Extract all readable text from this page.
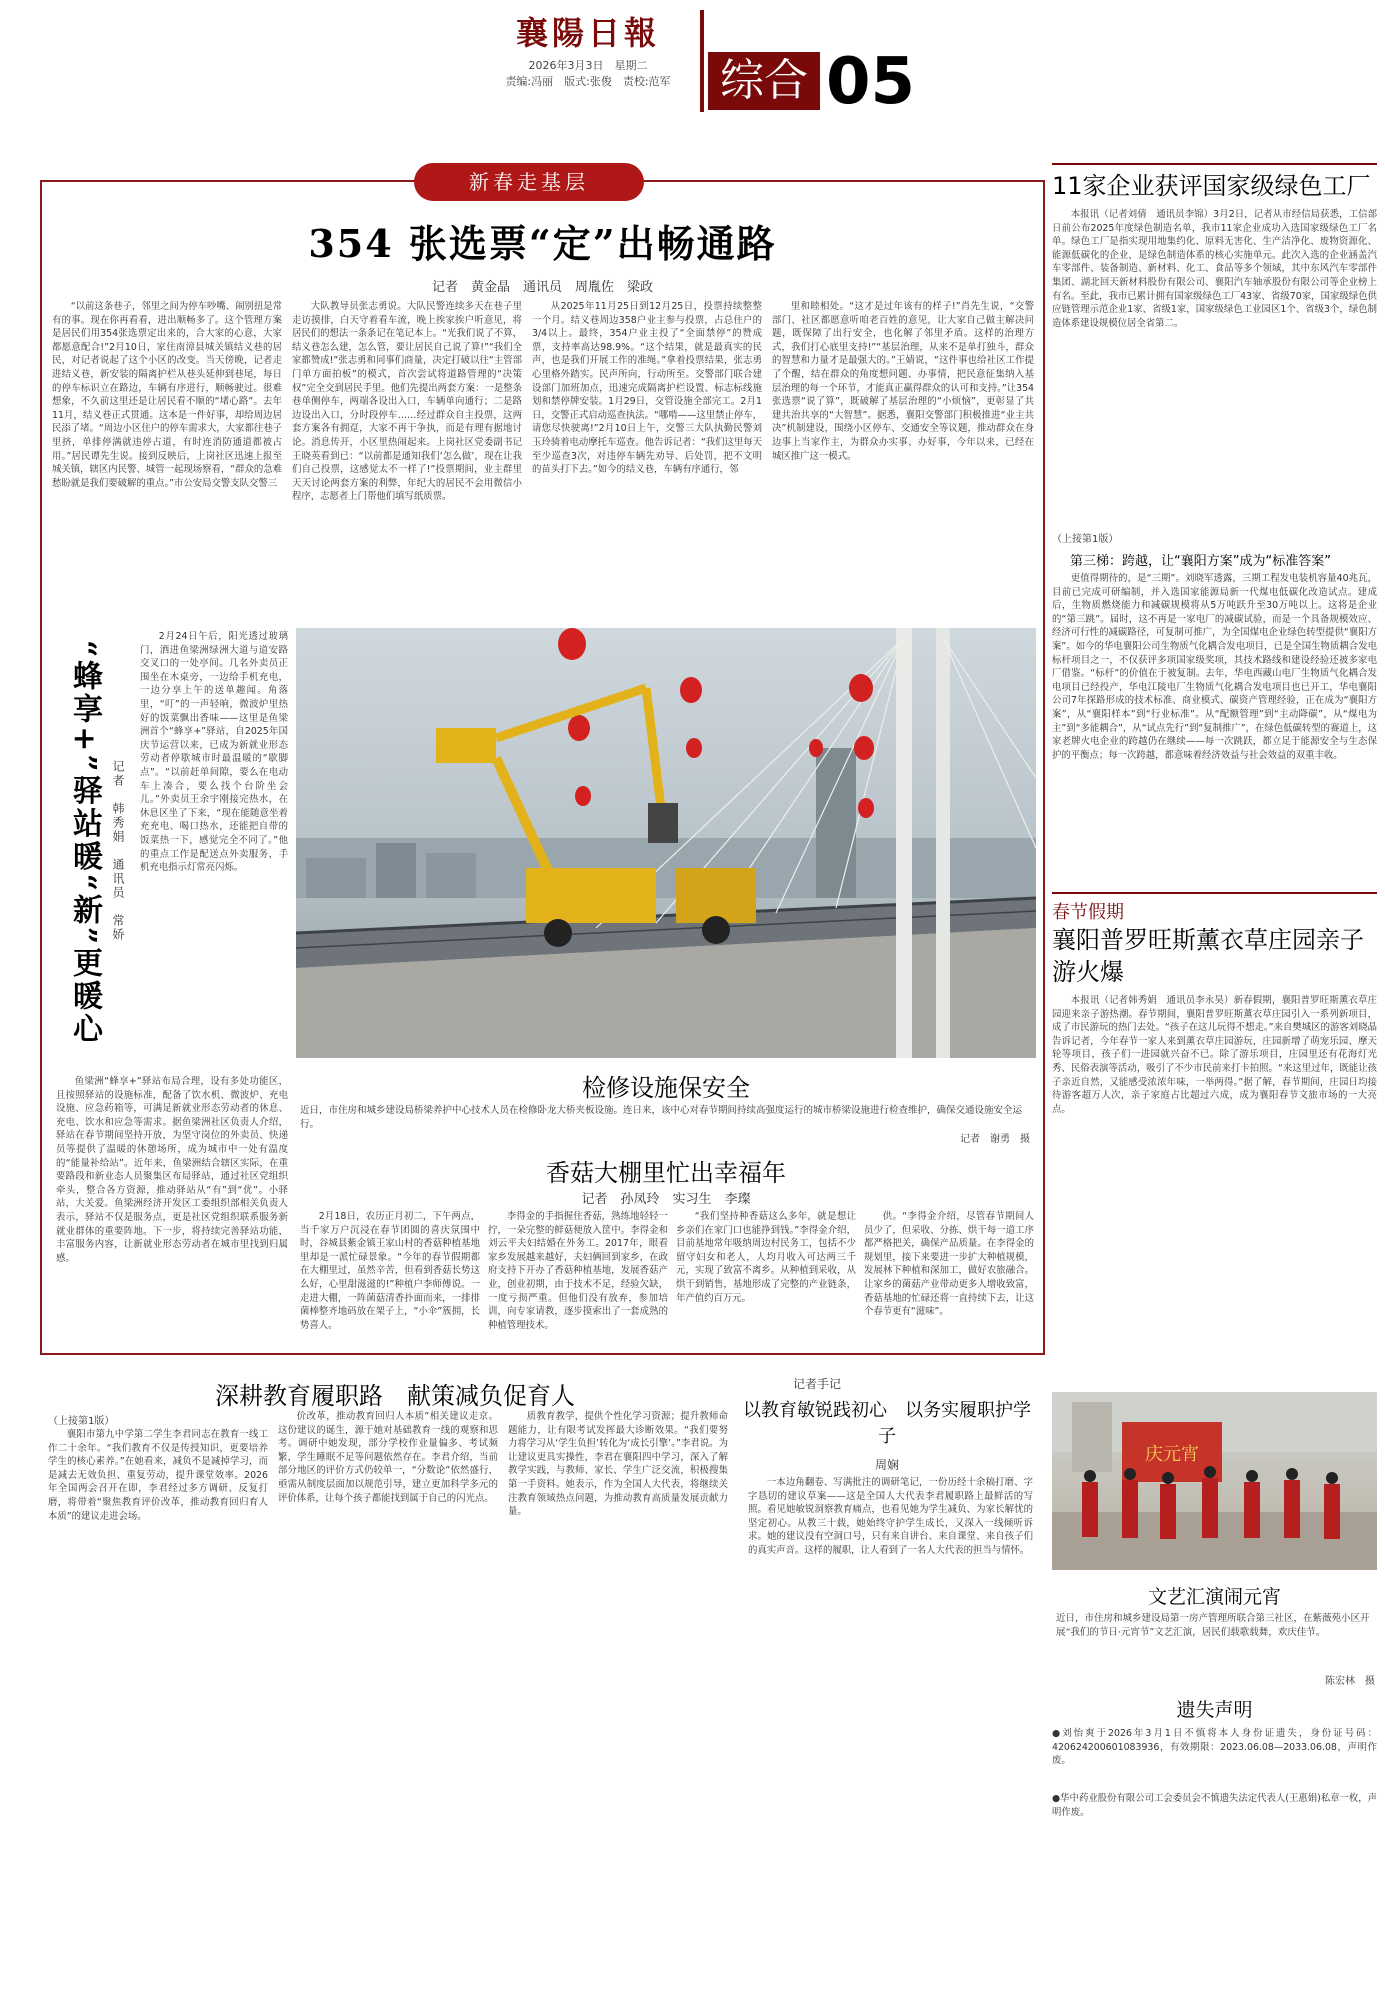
襄陽日報
2026年3月3日　星期二
责编:冯丽　版式:张俊　责校:范军	综合 05
新春走基层
354 张选票“定”出畅通路
记者　黄金晶　通讯员　周胤佐　梁政

“以前这条巷子，邻里之间为停车吵嘴、闹别扭是常有的事。现在你再看看，进出顺畅多了。这个管理方案是居民们用354张选票定出来的，合大家的心意，大家都愿意配合!”2月10日，家住南漳县城关镇结义巷的居民，对记者说起了这个小区的改变。当天傍晚，记者走进结义巷，新安装的隔离护栏从巷头延伸到巷尾，每日的停车标识立在路边，车辆有序进行，顺畅驶过。很难想象，不久前这里还是让居民看不顺的“堵心路”。去年11月，结义巷正式贯通。这本是一件好事，却给周边居民添了堵。“周边小区住户的停车需求大，大家都往巷子里挤，单排停满就违停占道，有时连消防通道都被占用。”居民谭先生说。接到反映后，上岗社区迅速上报至城关镇，辖区内民警、城管一起现场察看，“群众的急难愁盼就是我们要破解的重点。”市公安局交警支队交警三

大队教导员张志勇说。大队民警连续多天在巷子里走访摸排，白天守着看车流，晚上挨家挨户听意见，将居民们的想法一条条记在笔记本上。“光我们说了不算，结义巷怎么建，怎么管，要让居民自己说了算!”“我们全家都赞成!”张志勇和同事们商量，决定打破以往“主管部门单方面拍板”的模式，首次尝试将道路管理的“决策权”完全交到居民手里。他们先提出两套方案：一是整条巷单侧停车，两端各设出入口，车辆单向通行；二是路边设出入口，分时段停车……经过群众自主投票，这两套方案各有拥趸，大家不再干争执，而是有理有据地讨论。消息传开，小区里热闹起来。上岗社区党委副书记王晓英看到已：“以前都是通知我们‘怎么做’，现在让我们自己投票，这感觉太不一样了!”投票期间，业主群里天天讨论两套方案的利弊，年纪大的居民不会用微信小程序，志愿者上门帮他们填写纸质票。

从2025年11月25日到12月25日，投票持续整整一个月。结义巷周边358户业主参与投票，占总住户的3/4以上。最终，354户业主投了“全面禁停”的赞成票，支持率高达98.9%。“这个结果，就是最真实的民声，也是我们开展工作的准绳。”拿着投票结果，张志勇心里格外踏实。民声所向，行动所至。交警部门联合建设部门加班加点，迅速完成隔离护栏设置、标志标线施划和禁停牌安装。1月29日，交管设施全部完工。2月1日，交警正式启动巡查执法。“哪啃——这里禁止停车，请您尽快驶离!”2月10日上午，交警三大队执勤民警刘玉玲骑着电动摩托车巡查。他告诉记者：“我们这里每天至少巡查3次，对违停车辆先劝导、后处罚，把不文明的苗头打下去。”如今的结义巷，车辆有序通行，邻

里和睦相处。“这才是过年该有的样子!”肖先生说，“交警部门、社区都愿意听咱老百姓的意见，让大家自己做主解决问题，既保障了出行安全，也化解了邻里矛盾。这样的治理方式，我们打心底里支持!”“基层治理，从来不是单打独斗，群众的智慧和力量才是最强大的。”王婧说，“这件事也给社区工作提了个醒，结在群众的角度想问题、办事情，把民意征集纳入基层治理的每一个环节，才能真正赢得群众的认可和支持。”让354张选票“说了算”，既破解了基层治理的“小烦恼”，更彰显了共建共治共享的“大智慧”。据悉，襄阳交警部门积极推进“业主共决”机制建设，围绕小区停车、交通安全等议题，推动群众在身边事上当家作主，为群众办实事、办好事，今年以来，已经在城区推广这一模式。

“蜂享+”驿站暖“新”更暖心 记者　韩秀娟　通讯员　常娇

2月24日午后，阳光透过玻璃门，洒进鱼梁洲绿洲大道与道安路交叉口的一处亭间。几名外卖员正围坐在木桌旁，一边给手机充电，一边分享上午的送单趣闻。角落里，“叮”的一声轻响，微波炉里热好的饭菜飘出香味——这里是鱼梁洲首个“蜂享+”驿站，自2025年国庆节运营以来，已成为新就业形态劳动者停歇城市时最温暖的“歇脚点”。“以前赶单间隙，要么在电动车上凑合，要么找个台阶坐会儿。”外卖员王余宇刚接完热水，在休息区坐了下来，“现在能随意坐着充充电、喝口热水，还能把自带的饭菜热一下，感觉完全不同了。”他的重点工作是配送点外卖服务，手机充电指示灯常亮闪烁。

鱼梁洲“蜂享+”驿站布局合理，设有多处功能区，且按照驿站的设施标准，配备了饮水机、微波炉、充电设施、应急药箱等，可满足新就业形态劳动者的休息、充电、饮水和应急等需求。据鱼梁洲社区负责人介绍，驿站在春节期间坚持开放，为坚守岗位的外卖员、快递员等提供了温暖的休憩场所，成为城市中一处有温度的“能量补给站”。近年来，鱼梁洲结合辖区实际，在重要路段和新业态人员聚集区布局驿站，通过社区党组织牵头，整合各方资源，推动驿站从“有”到“优”。小驿站，大关爱。鱼梁洲经济开发区工委组织部相关负责人表示，驿站不仅是服务点，更是社区党组织联系服务新就业群体的重要阵地。下一步，将持续完善驿站功能，丰富服务内容，让新就业形态劳动者在城市里找到归属感。

检修设施保安全
近日，市住房和城乡建设局桥梁养护中心技术人员在检修卧龙大桥夹板设施。连日来，该中心对春节期间持续高强度运行的城市桥梁设施进行检查维护，确保交通设施安全运行。
记者　谢勇　摄
香菇大棚里忙出幸福年
记者　孙凤玲　实习生　李璨

2月18日，农历正月初二，下午两点，当千家万户沉浸在春节团圆的喜庆氛围中时，谷城县紫金镇王家山村的香菇种植基地里却是一派忙碌景象。“今年的春节假期都在大棚里过，虽然辛苦，但看到香菇长势这么好，心里甜滋滋的!”种植户李师傅说。一走进大棚，一阵菌菇清香扑面而来，一排排菌棒整齐地码放在架子上，“小伞”簇拥，长势喜人。

李得金的手指握住香菇，熟练地轻轻一拧，一朵完整的鲜菇便放入筐中。李得金和刘云平夫妇结婚在外务工。2017年，眼看家乡发展越来越好，夫妇俩回到家乡，在政府支持下开办了香菇种植基地，发展香菇产业，创业初期，由于技术不足，经验欠缺，一度亏损严重。但他们没有放弃，参加培训，向专家请教，逐步摸索出了一套成熟的种植管理技术。

“我们坚持种香菇这么多年，就是想让乡亲们在家门口也能挣到钱。”李得金介绍，目前基地常年吸纳周边村民务工，包括不少留守妇女和老人，人均月收入可达两三千元，实现了致富不离乡。从种植到采收，从烘干到销售，基地形成了完整的产业链条，年产值约百万元。

供。“李得金介绍，尽管春节期间人员少了，但采收、分拣、烘干每一道工序都严格把关，确保产品质量。在李得金的规划里，接下来要进一步扩大种植规模，发展林下种植和深加工，做好农旅融合。让家乡的菌菇产业带动更多人增收致富，香菇基地的忙碌还将一直持续下去，让这个春节更有“滋味”。

深耕教育履职路　献策减负促育人
（上接第1版）

襄阳市第九中学第二学生李君同志在教育一线工作二十余年。“我们教育不仅是传授知识，更要培养学生的核心素养。”在她看来，减负不是减掉学习，而是减去无效负担、重复劳动，提升课堂效率。2026年全国两会召开在即，李君经过多方调研、反复打磨，将带着“聚焦教育评价改革，推动教育回归育人本质”的建议走进会场。

价改革，推动教育回归人本质”相关建议走京。这份建议的诞生，源于她对基础教育一线的观察和思考。调研中她发现，部分学校作业量偏多、考试频繁，学生睡眠不足等问题依然存在。李君介绍，当前部分地区的评价方式仍较单一，“分数论”依然盛行，亟需从制度层面加以规范引导，建立更加科学多元的评价体系，让每个孩子都能找到属于自己的闪光点。

质教育教学，提供个性化学习资源；提升教师命题能力，让有限考试发挥最大诊断效果。“我们要努力将学习从‘学生负担’转化为‘成长引擎’。”李君说。为让建议更具实操性，李君在襄阳四中学习，深入了解教学实践，与教师、家长、学生广泛交流，积极搜集第一手资料。她表示，作为全国人大代表，将继续关注教育领域热点问题，为推动教育高质量发展贡献力量。

记者手记
以教育敏锐践初心　以务实履职护学子
周娴

一本边角翻卷、写满批注的调研笔记，一份历经十余稿打磨、字字恳切的建议草案——这是全国人大代表李君履职路上最鲜活的写照。看见她敏锐洞察教育痛点，也看见她为学生减负、为家长解忧的坚定初心。从教三十载，她始终守护学生成长，又深入一线倾听诉求。她的建议没有空洞口号，只有来自讲台、来自课堂、来自孩子们的真实声音。这样的履职，让人看到了一名人大代表的担当与情怀。

11家企业获评国家级绿色工厂

本报讯（记者刘倩　通讯员李锦）3月2日，记者从市经信局获悉，工信部日前公布2025年度绿色制造名单，我市11家企业成功入选国家级绿色工厂名单。绿色工厂是指实现用地集约化、原料无害化、生产洁净化、废物资源化、能源低碳化的企业，是绿色制造体系的核心实施单元。此次入选的企业涵盖汽车零部件、装备制造、新材料、化工、食品等多个领域，其中东风汽车零部件集团、湖北回天新材料股份有限公司、襄阳汽车轴承股份有限公司等企业榜上有名。至此，我市已累计拥有国家级绿色工厂43家、省级70家，国家级绿色供应链管理示范企业1家、省级1家，国家级绿色工业园区1个、省级3个，绿色制造体系建设规模位居全省第二。

（上接第1版）
第三梯：跨越，让“襄阳方案”成为“标准答案”

更值得期待的，是“三期”。刘晓军透露，三期工程发电装机容量40兆瓦，目前已完成可研编制，并入选国家能源局新一代煤电低碳化改造试点。建成后，生物质燃烧能力和减碳规模将从5万吨跃升至30万吨以上。这将是企业的“第三跳”。届时，这不再是一家电厂的减碳试验，而是一个具备规模效应、经济可行性的减碳路径，可复制可推广，为全国煤电企业绿色转型提供“襄阳方案”。如今的华电襄阳公司生物质气化耦合发电项目，已是全国生物质耦合发电标杆项目之一，不仅获评多项国家级奖项，其技术路线和建设经验还被多家电厂借鉴。“标杆”的价值在于被复制。去年，华电西藏山电厂生物质气化耦合发电项目已经投产，华电江陵电厂生物质气化耦合发电项目也已开工，华电襄阳公司7年探路形成的技术标准、商业模式、碳资产管理经验，正在成为“襄阳方案”，从“襄阳样本”到“行业标准”。从“配额管理”到“主动降碳”，从“煤电为主”到“多能耦合”，从“试点先行”到“复制推广”，在绿色低碳转型的赛道上，这家老牌火电企业的跨越仍在继续——每一次跳跃，都立足于能源安全与生态保护的平衡点；每一次跨越，都意味着经济效益与社会效益的双重丰收。

春节假期
襄阳普罗旺斯薰衣草庄园亲子游火爆

本报讯（记者韩秀娟　通讯员李永昊）新春假期，襄阳普罗旺斯薰衣草庄园迎来亲子游热潮。春节期间，襄阳普罗旺斯薰衣草庄园引入一系列新项目，成了市民游玩的热门去处。“孩子在这儿玩得不想走。”来自樊城区的游客刘晓晶告诉记者，今年春节一家人来到薰衣草庄园游玩，庄园新增了萌宠乐园、摩天轮等项目，孩子们一进园就兴奋不已。除了游乐项目，庄园里还有花海灯光秀、民俗表演等活动，吸引了不少市民前来打卡拍照。“来这里过年，既能让孩子亲近自然，又能感受浓浓年味，一举两得。”据了解，春节期间，庄园日均接待游客超万人次，亲子家庭占比超过六成，成为襄阳春节文旅市场的一大亮点。

庆元宵
文艺汇演闹元宵
近日，市住房和城乡建设局第一房产管理所联合第三社区，在紫薇苑小区开展“我们的节日·元宵节”文艺汇演，居民们载歌载舞，欢庆佳节。
陈宏林　摄
遗失声明

●刘怡爽于2026年3月1日不慎将本人身份证遗失，身份证号码：420624200601083936，有效期限：2023.06.08—2033.06.08，声明作废。

●华中药业股份有限公司工会委员会不慎遗失法定代表人(王惠娟)私章一枚，声明作废。
